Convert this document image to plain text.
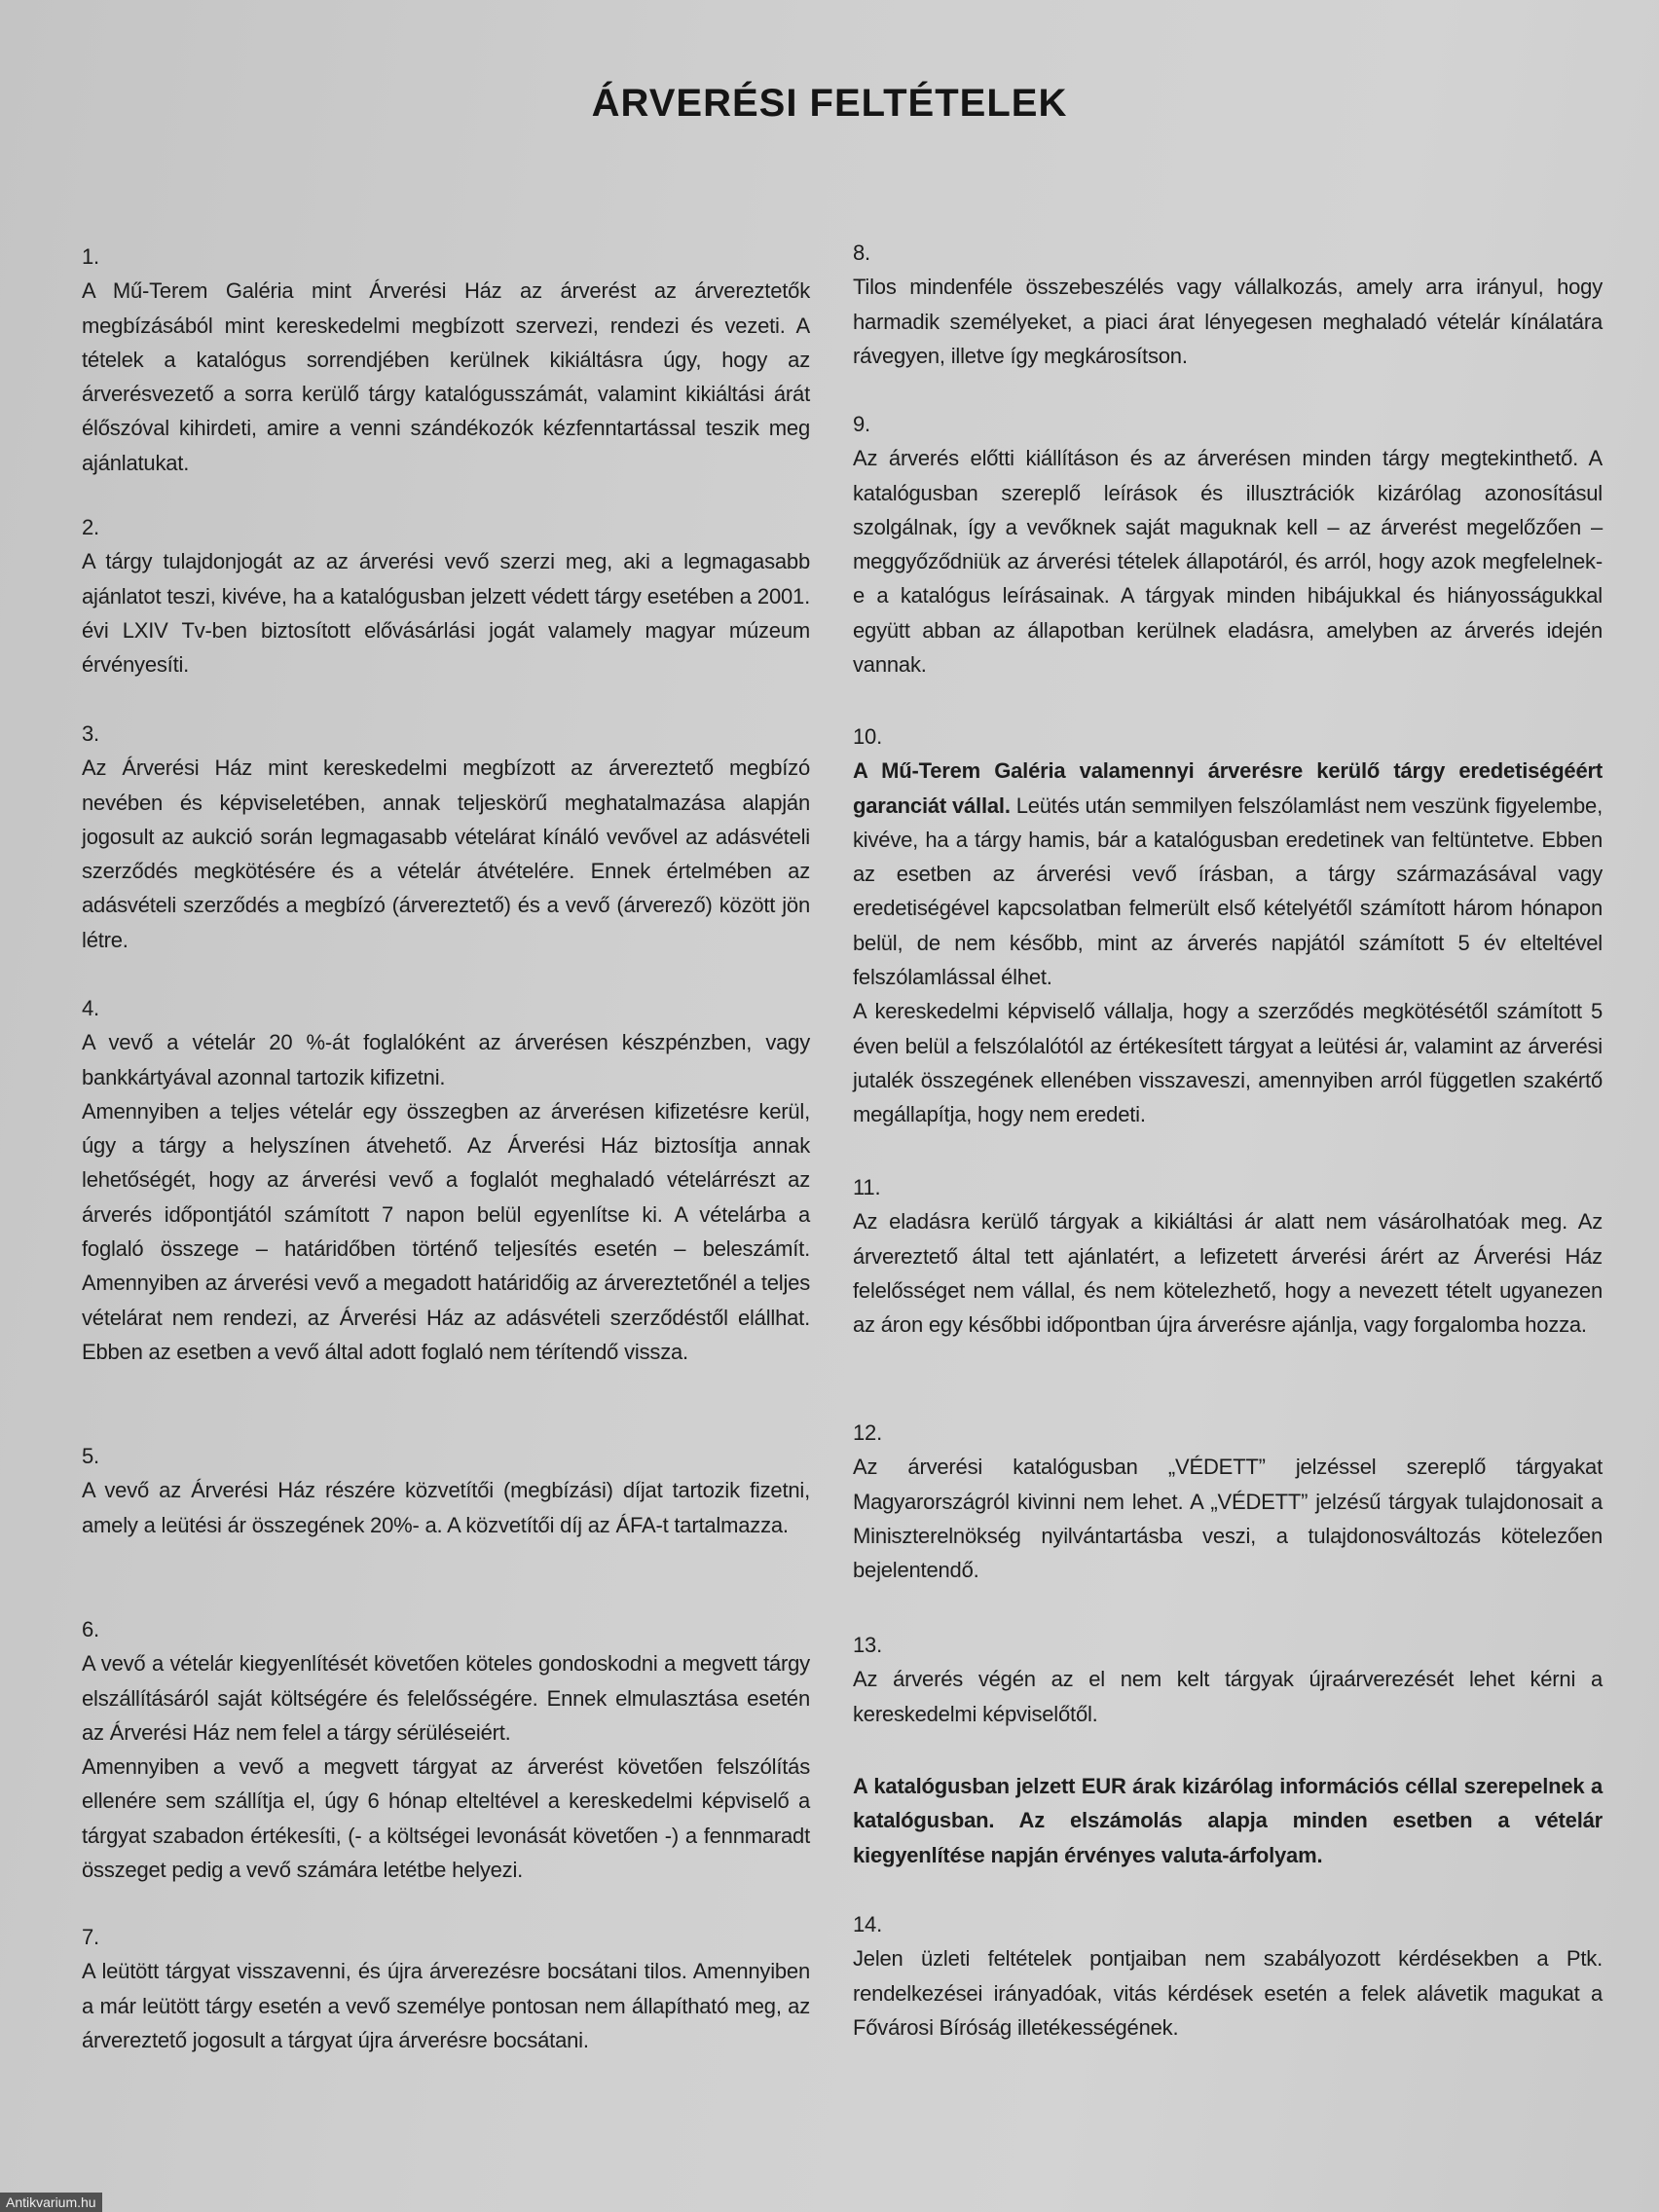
ÁRVERÉSI FELTÉTELEK
1.
A Mű-Terem Galéria mint Árverési Ház az árverést az árvereztetők megbízásából mint kereskedelmi megbízott szervezi, rendezi és vezeti. A tételek a katalógus sorrendjében kerülnek kikiáltásra úgy, hogy az árverésvezető a sorra kerülő tárgy katalógusszámát, valamint kikiáltási árát élőszóval kihirdeti, amire a venni szándékozók kézfenntartással teszik meg ajánlatukat.
2.
A tárgy tulajdonjogát az az árverési vevő szerzi meg, aki a legmagasabb ajánlatot teszi, kivéve, ha a katalógusban jelzett védett tárgy esetében a 2001. évi LXIV Tv-ben biztosított elővásárlási jogát valamely magyar múzeum érvényesíti.
3.
Az Árverési Ház mint kereskedelmi megbízott az árvereztető megbízó nevében és képviseletében, annak teljeskörű meghatalmazása alapján jogosult az aukció során legmagasabb vételárat kínáló vevővel az adásvételi szerződés megkötésére és a vételár átvételére. Ennek értelmében az adásvételi szerződés a megbízó (árvereztető) és a vevő (árverező) között jön létre.
4.
A vevő a vételár 20 %-át foglalóként az árverésen készpénzben, vagy bankkártyával azonnal tartozik kifizetni.
Amennyiben a teljes vételár egy összegben az árverésen kifizetésre kerül, úgy a tárgy a helyszínen átvehető. Az Árverési Ház biztosítja annak lehetőségét, hogy az árverési vevő a foglalót meghaladó vételárrészt az árverés időpontjától számított 7 napon belül egyenlítse ki. A vételárba a foglaló összege – határidőben történő teljesítés esetén – beleszámít. Amennyiben az árverési vevő a megadott határidőig az árvereztetőnél a teljes vételárat nem rendezi, az Árverési Ház az adásvételi szerződéstől elállhat. Ebben az esetben a vevő által adott foglaló nem térítendő vissza.
5.
A vevő az Árverési Ház részére közvetítői (megbízási) díjat tartozik fizetni, amely a leütési ár összegének 20%- a. A közvetítői díj az ÁFA-t tartalmazza.
6.
A vevő a vételár kiegyenlítését követően köteles gondoskodni a megvett tárgy elszállításáról saját költségére és felelősségére. Ennek elmulasztása esetén az Árverési Ház nem felel a tárgy sérüléseiért.
Amennyiben a vevő a megvett tárgyat az árverést követően felszólítás ellenére sem szállítja el, úgy 6 hónap elteltével a kereskedelmi képviselő a tárgyat szabadon értékesíti, (- a költségei levonását követően -) a fennmaradt összeget pedig a vevő számára letétbe helyezi.
7.
A leütött tárgyat visszavenni, és újra árverezésre bocsátani tilos. Amennyiben a már leütött tárgy esetén a vevő személye pontosan nem állapítható meg, az árvereztető jogosult a tárgyat újra árverésre bocsátani.
8.
Tilos mindenféle összebeszélés vagy vállalkozás, amely arra irányul, hogy harmadik személyeket, a piaci árat lényegesen meghaladó vételár kínálatára rávegyen, illetve így megkárosítson.
9.
Az árverés előtti kiállításon és az árverésen minden tárgy megtekinthető. A katalógusban szereplő leírások és illusztrációk kizárólag azonosításul szolgálnak, így a vevőknek saját maguknak kell – az árverést megelőzően – meggyőződniük az árverési tételek állapotáról, és arról, hogy azok megfelelnek-e a katalógus leírásainak. A tárgyak minden hibájukkal és hiányosságukkal együtt abban az állapotban kerülnek eladásra, amelyben az árverés idején vannak.
10.
A Mű-Terem Galéria valamennyi árverésre kerülő tárgy eredetiségéért garanciát vállal. Leütés után semmilyen felszólamlást nem veszünk figyelembe, kivéve, ha a tárgy hamis, bár a katalógusban eredetinek van feltüntetve. Ebben az esetben az árverési vevő írásban, a tárgy származásával vagy eredetiségével kapcsolatban felmerült első kételyétől számított három hónapon belül, de nem később, mint az árverés napjától számított 5 év elteltével felszólamlással élhet.
A kereskedelmi képviselő vállalja, hogy a szerződés megkötésétől számított 5 éven belül a felszólalótól az értékesített tárgyat a leütési ár, valamint az árverési jutalék összegének ellenében visszaveszi, amennyiben arról független szakértő megállapítja, hogy nem eredeti.
11.
Az eladásra kerülő tárgyak a kikiáltási ár alatt nem vásárolhatóak meg. Az árvereztető által tett ajánlatért, a lefizetett árverési árért az Árverési Ház felelősséget nem vállal, és nem kötelezhető, hogy a nevezett tételt ugyanezen az áron egy későbbi időpontban újra árverésre ajánlja, vagy forgalomba hozza.
12.
Az árverési katalógusban „VÉDETT” jelzéssel szereplő tárgyakat Magyarországról kivinni nem lehet. A „VÉDETT” jelzésű tárgyak tulajdonosait a Miniszterelnökség nyilvántartásba veszi, a tulajdonosváltozás kötelezően bejelentendő.
13.
Az árverés végén az el nem kelt tárgyak újraárverezését lehet kérni a kereskedelmi képviselőtől.
A katalógusban jelzett EUR árak kizárólag információs céllal szerepelnek a katalógusban. Az elszámolás alapja minden esetben a vételár kiegyenlítése napján érvényes valuta-árfolyam.
14.
Jelen üzleti feltételek pontjaiban nem szabályozott kérdésekben a Ptk. rendelkezései irányadóak, vitás kérdések esetén a felek alávetik magukat a Fővárosi Bíróság illetékességének.
Antikvarium.hu
